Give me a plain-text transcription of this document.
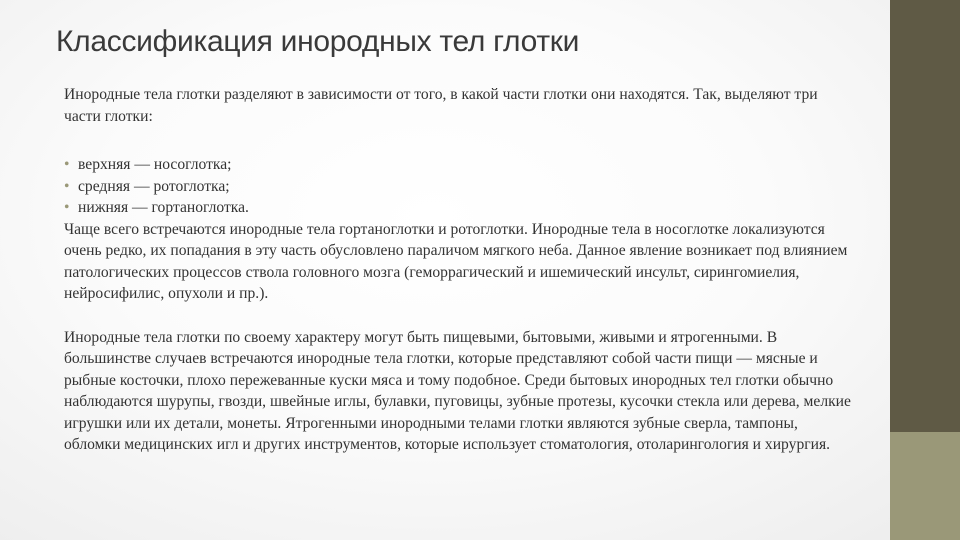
Классификация инородных тел глотки

Инородные тела глотки разделяют в зависимости от того, в какой части глотки они находятся. Так, выделяют три части глотки:

• верхняя — носоглотка;
• средняя — ротоглотка;
• нижняя — гортаноглотка.

Чаще всего встречаются инородные тела гортаноглотки и ротоглотки. Инородные тела в носоглотке локализуются очень редко, их попадания в эту часть обусловлено параличом мягкого неба. Данное явление возникает под влиянием патологических процессов ствола головного мозга (геморрагический и ишемический инсульт, сирингомиелия, нейросифилис, опухоли и пр.).

Инородные тела глотки по своему характеру могут быть пищевыми, бытовыми, живыми и ятрогенными. В большинстве случаев встречаются инородные тела глотки, которые представляют собой части пищи — мясные и рыбные косточки, плохо пережеванные куски мяса и тому подобное. Среди бытовых инородных тел глотки обычно наблюдаются шурупы, гвозди, швейные иглы, булавки, пуговицы, зубные протезы, кусочки стекла или дерева, мелкие игрушки или их детали, монеты. Ятрогенными инородными телами глотки являются зубные сверла, тампоны, обломки медицинских игл и других инструментов, которые использует стоматология, отоларингология и хирургия.
